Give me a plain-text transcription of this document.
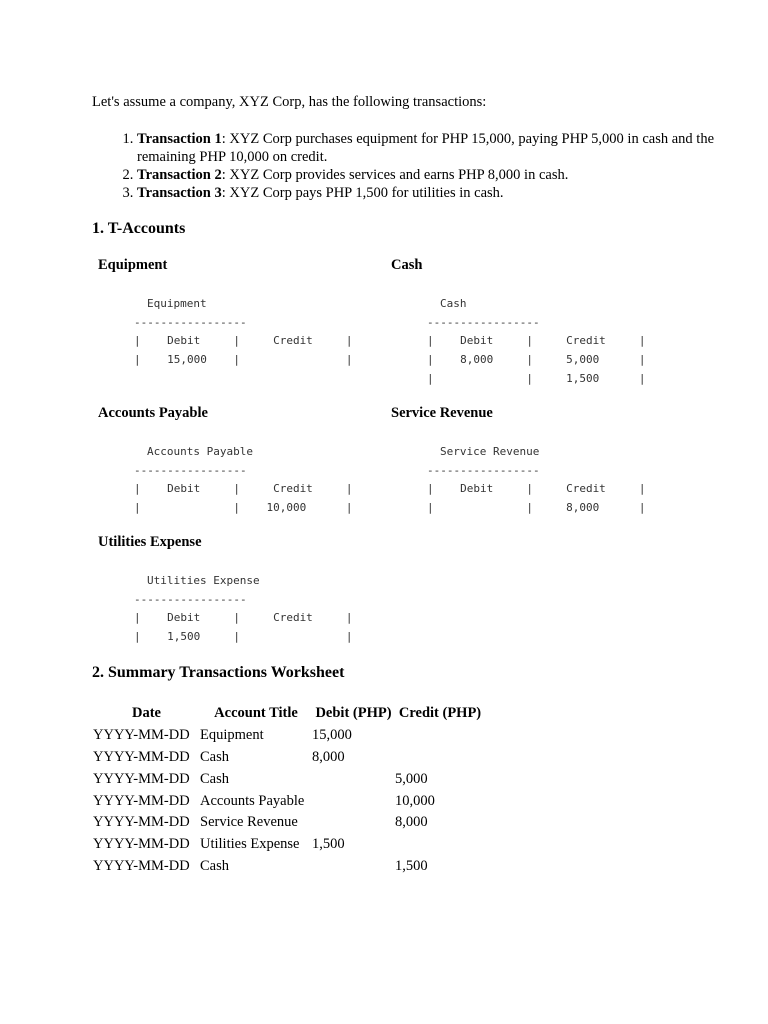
Let's assume a company, XYZ Corp, has the following transactions:
1. Transaction 1: XYZ Corp purchases equipment for PHP 15,000, paying PHP 5,000 in cash and the remaining PHP 10,000 on credit.
2. Transaction 2: XYZ Corp provides services and earns PHP 8,000 in cash.
3. Transaction 3: XYZ Corp pays PHP 1,500 for utilities in cash.
1. T-Accounts
Equipment
Equipment
-----------------
|    Debit     |     Credit     |
|    15,000    |                |
Cash
Cash
-----------------
|    Debit     |     Credit     |
|    8,000     |     5,000      |
|              |     1,500      |
Accounts Payable
Accounts Payable
-----------------
|    Debit     |     Credit     |
|              |    10,000      |
Service Revenue
Service Revenue
-----------------
|    Debit     |     Credit     |
|              |     8,000      |
Utilities Expense
Utilities Expense
-----------------
|    Debit     |     Credit     |
|    1,500     |                |
2. Summary Transactions Worksheet
Date	Account Title	Debit (PHP)	Credit (PHP)
YYYY-MM-DD	Equipment	15,000	
YYYY-MM-DD	Cash	8,000	
YYYY-MM-DD	Cash		5,000
YYYY-MM-DD	Accounts Payable		10,000
YYYY-MM-DD	Service Revenue		8,000
YYYY-MM-DD	Utilities Expense	1,500	
YYYY-MM-DD	Cash		1,500
